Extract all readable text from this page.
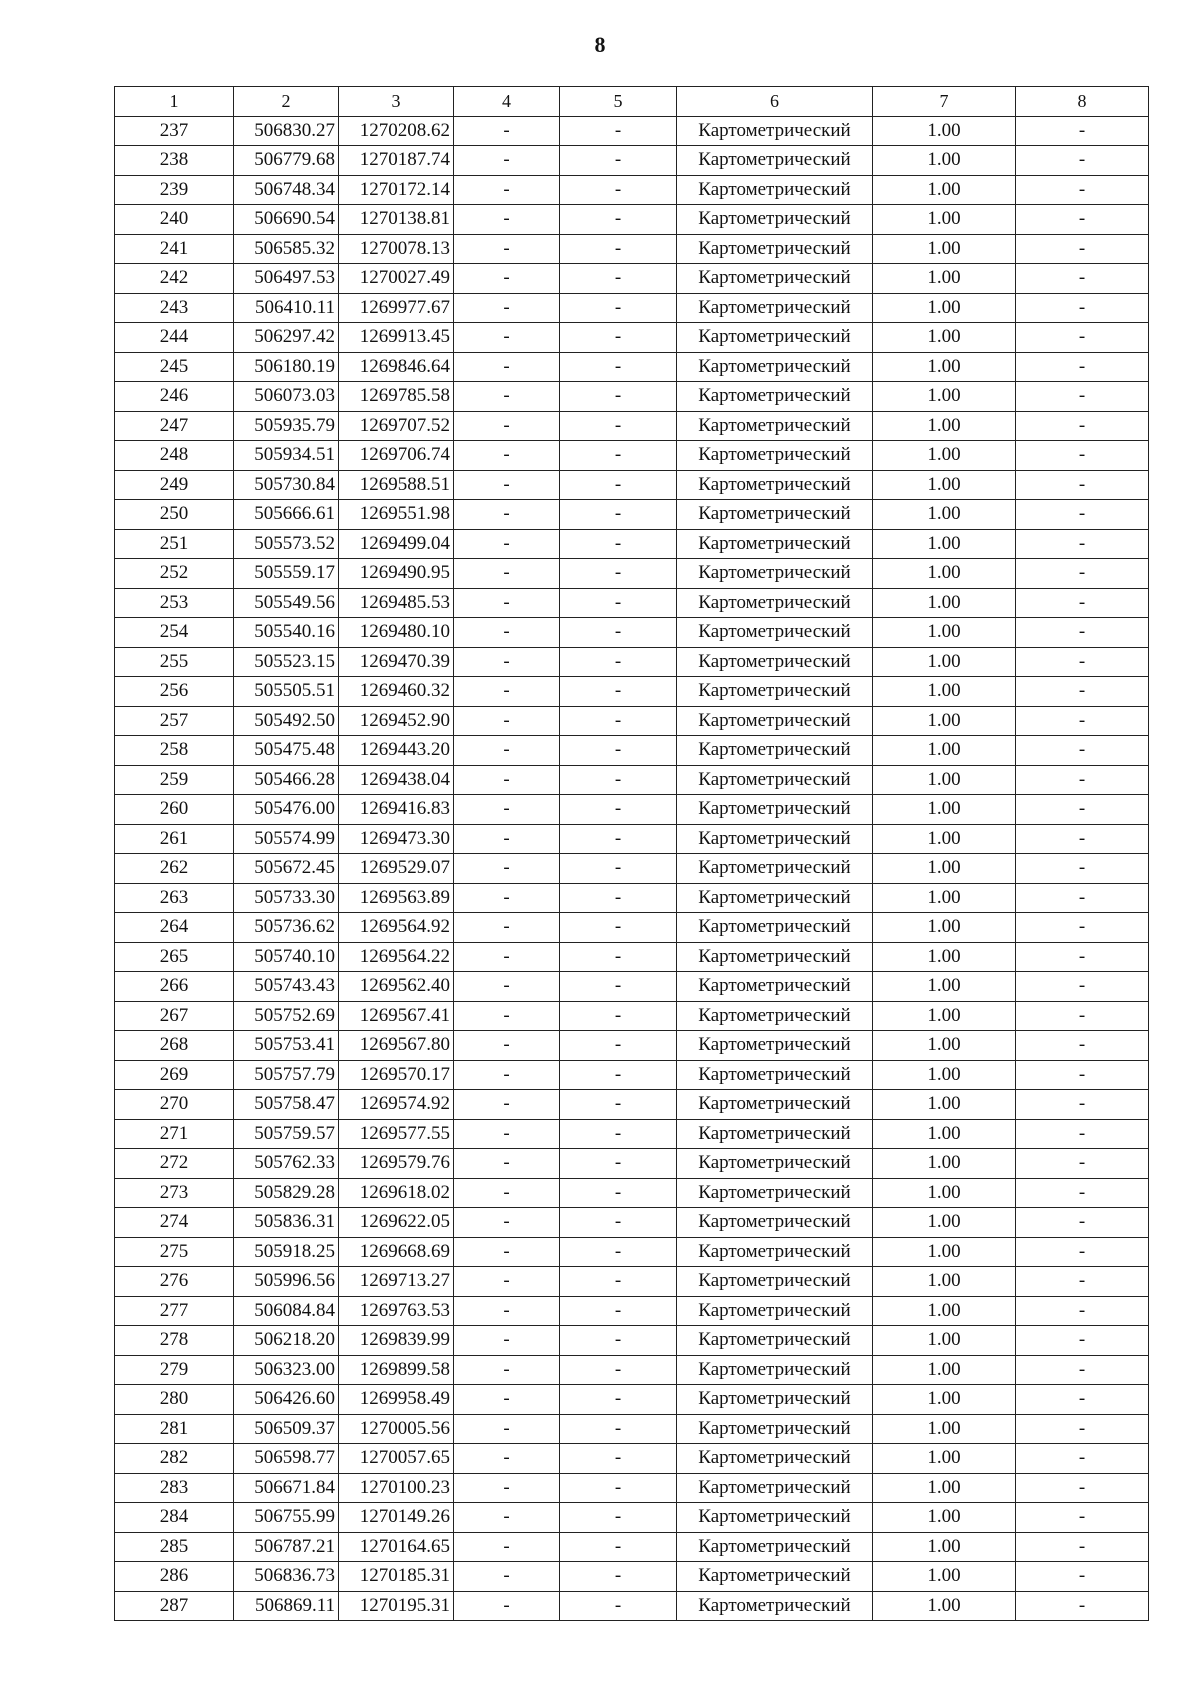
8
1	2	3	4	5	6	7	8
237	506830.27	1270208.62	-	-	Картометрический	1.00	-
238	506779.68	1270187.74	-	-	Картометрический	1.00	-
239	506748.34	1270172.14	-	-	Картометрический	1.00	-
240	506690.54	1270138.81	-	-	Картометрический	1.00	-
241	506585.32	1270078.13	-	-	Картометрический	1.00	-
242	506497.53	1270027.49	-	-	Картометрический	1.00	-
243	506410.11	1269977.67	-	-	Картометрический	1.00	-
244	506297.42	1269913.45	-	-	Картометрический	1.00	-
245	506180.19	1269846.64	-	-	Картометрический	1.00	-
246	506073.03	1269785.58	-	-	Картометрический	1.00	-
247	505935.79	1269707.52	-	-	Картометрический	1.00	-
248	505934.51	1269706.74	-	-	Картометрический	1.00	-
249	505730.84	1269588.51	-	-	Картометрический	1.00	-
250	505666.61	1269551.98	-	-	Картометрический	1.00	-
251	505573.52	1269499.04	-	-	Картометрический	1.00	-
252	505559.17	1269490.95	-	-	Картометрический	1.00	-
253	505549.56	1269485.53	-	-	Картометрический	1.00	-
254	505540.16	1269480.10	-	-	Картометрический	1.00	-
255	505523.15	1269470.39	-	-	Картометрический	1.00	-
256	505505.51	1269460.32	-	-	Картометрический	1.00	-
257	505492.50	1269452.90	-	-	Картометрический	1.00	-
258	505475.48	1269443.20	-	-	Картометрический	1.00	-
259	505466.28	1269438.04	-	-	Картометрический	1.00	-
260	505476.00	1269416.83	-	-	Картометрический	1.00	-
261	505574.99	1269473.30	-	-	Картометрический	1.00	-
262	505672.45	1269529.07	-	-	Картометрический	1.00	-
263	505733.30	1269563.89	-	-	Картометрический	1.00	-
264	505736.62	1269564.92	-	-	Картометрический	1.00	-
265	505740.10	1269564.22	-	-	Картометрический	1.00	-
266	505743.43	1269562.40	-	-	Картометрический	1.00	-
267	505752.69	1269567.41	-	-	Картометрический	1.00	-
268	505753.41	1269567.80	-	-	Картометрический	1.00	-
269	505757.79	1269570.17	-	-	Картометрический	1.00	-
270	505758.47	1269574.92	-	-	Картометрический	1.00	-
271	505759.57	1269577.55	-	-	Картометрический	1.00	-
272	505762.33	1269579.76	-	-	Картометрический	1.00	-
273	505829.28	1269618.02	-	-	Картометрический	1.00	-
274	505836.31	1269622.05	-	-	Картометрический	1.00	-
275	505918.25	1269668.69	-	-	Картометрический	1.00	-
276	505996.56	1269713.27	-	-	Картометрический	1.00	-
277	506084.84	1269763.53	-	-	Картометрический	1.00	-
278	506218.20	1269839.99	-	-	Картометрический	1.00	-
279	506323.00	1269899.58	-	-	Картометрический	1.00	-
280	506426.60	1269958.49	-	-	Картометрический	1.00	-
281	506509.37	1270005.56	-	-	Картометрический	1.00	-
282	506598.77	1270057.65	-	-	Картометрический	1.00	-
283	506671.84	1270100.23	-	-	Картометрический	1.00	-
284	506755.99	1270149.26	-	-	Картометрический	1.00	-
285	506787.21	1270164.65	-	-	Картометрический	1.00	-
286	506836.73	1270185.31	-	-	Картометрический	1.00	-
287	506869.11	1270195.31	-	-	Картометрический	1.00	-
